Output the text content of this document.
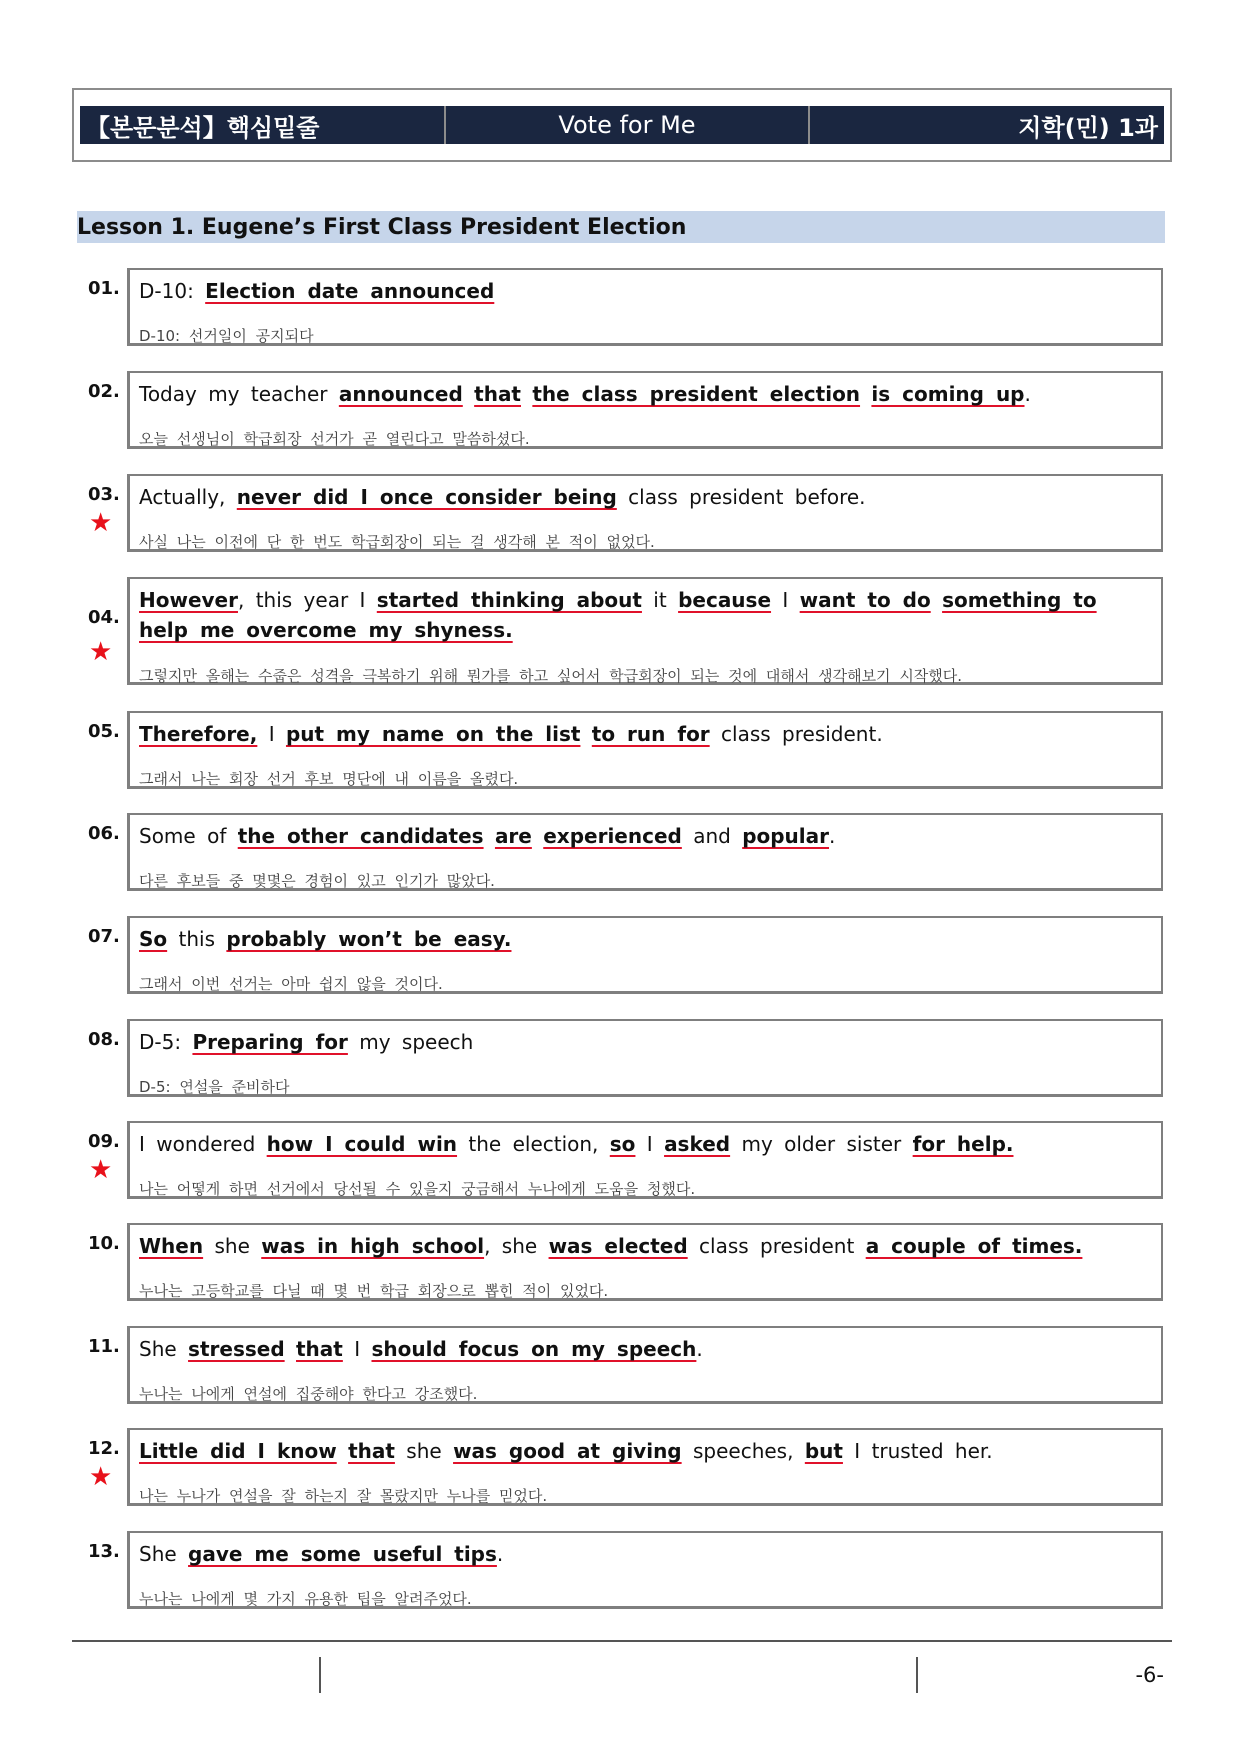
【본문분석】핵심밑줄	Vote for Me	지학(민) 1과
Lesson 1. Eugene’s First Class President Election
01. D-10: Election date announced
D-10: 선거일이 공지되다
02. Today my teacher announced that the class president election is coming up.
오늘 선생님이 학급회장 선거가 곧 열린다고 말씀하셨다.
03.
★
Actually, never did I once consider being class president before.
사실 나는 이전에 단 한 번도 학급회장이 되는 걸 생각해 본 적이 없었다.
04.
★
However, this year I started thinking about it because I want to do something to help me overcome my shyness.
그렇지만 올해는 수줍은 성격을 극복하기 위해 뭔가를 하고 싶어서 학급회장이 되는 것에 대해서 생각해보기 시작했다.
05. Therefore, I put my name on the list to run for class president.
그래서 나는 회장 선거 후보 명단에 내 이름을 올렸다.
06. Some of the other candidates are experienced and popular.
다른 후보들 중 몇몇은 경험이 있고 인기가 많았다.
07. So this probably won’t be easy.
그래서 이번 선거는 아마 쉽지 않을 것이다.
08. D-5: Preparing for my speech
D-5: 연설을 준비하다
09.
★
I wondered how I could win the election, so I asked my older sister for help.
나는 어떻게 하면 선거에서 당선될 수 있을지 궁금해서 누나에게 도움을 청했다.
10. When she was in high school, she was elected class president a couple of times.
누나는 고등학교를 다닐 때 몇 번 학급 회장으로 뽑힌 적이 있었다.
11. She stressed that I should focus on my speech.
누나는 나에게 연설에 집중해야 한다고 강조했다.
12.
★
Little did I know that she was good at giving speeches, but I trusted her.
나는 누나가 연설을 잘 하는지 잘 몰랐지만 누나를 믿었다.
13. She gave me some useful tips.
누나는 나에게 몇 가지 유용한 팁을 알려주었다.
-6-
